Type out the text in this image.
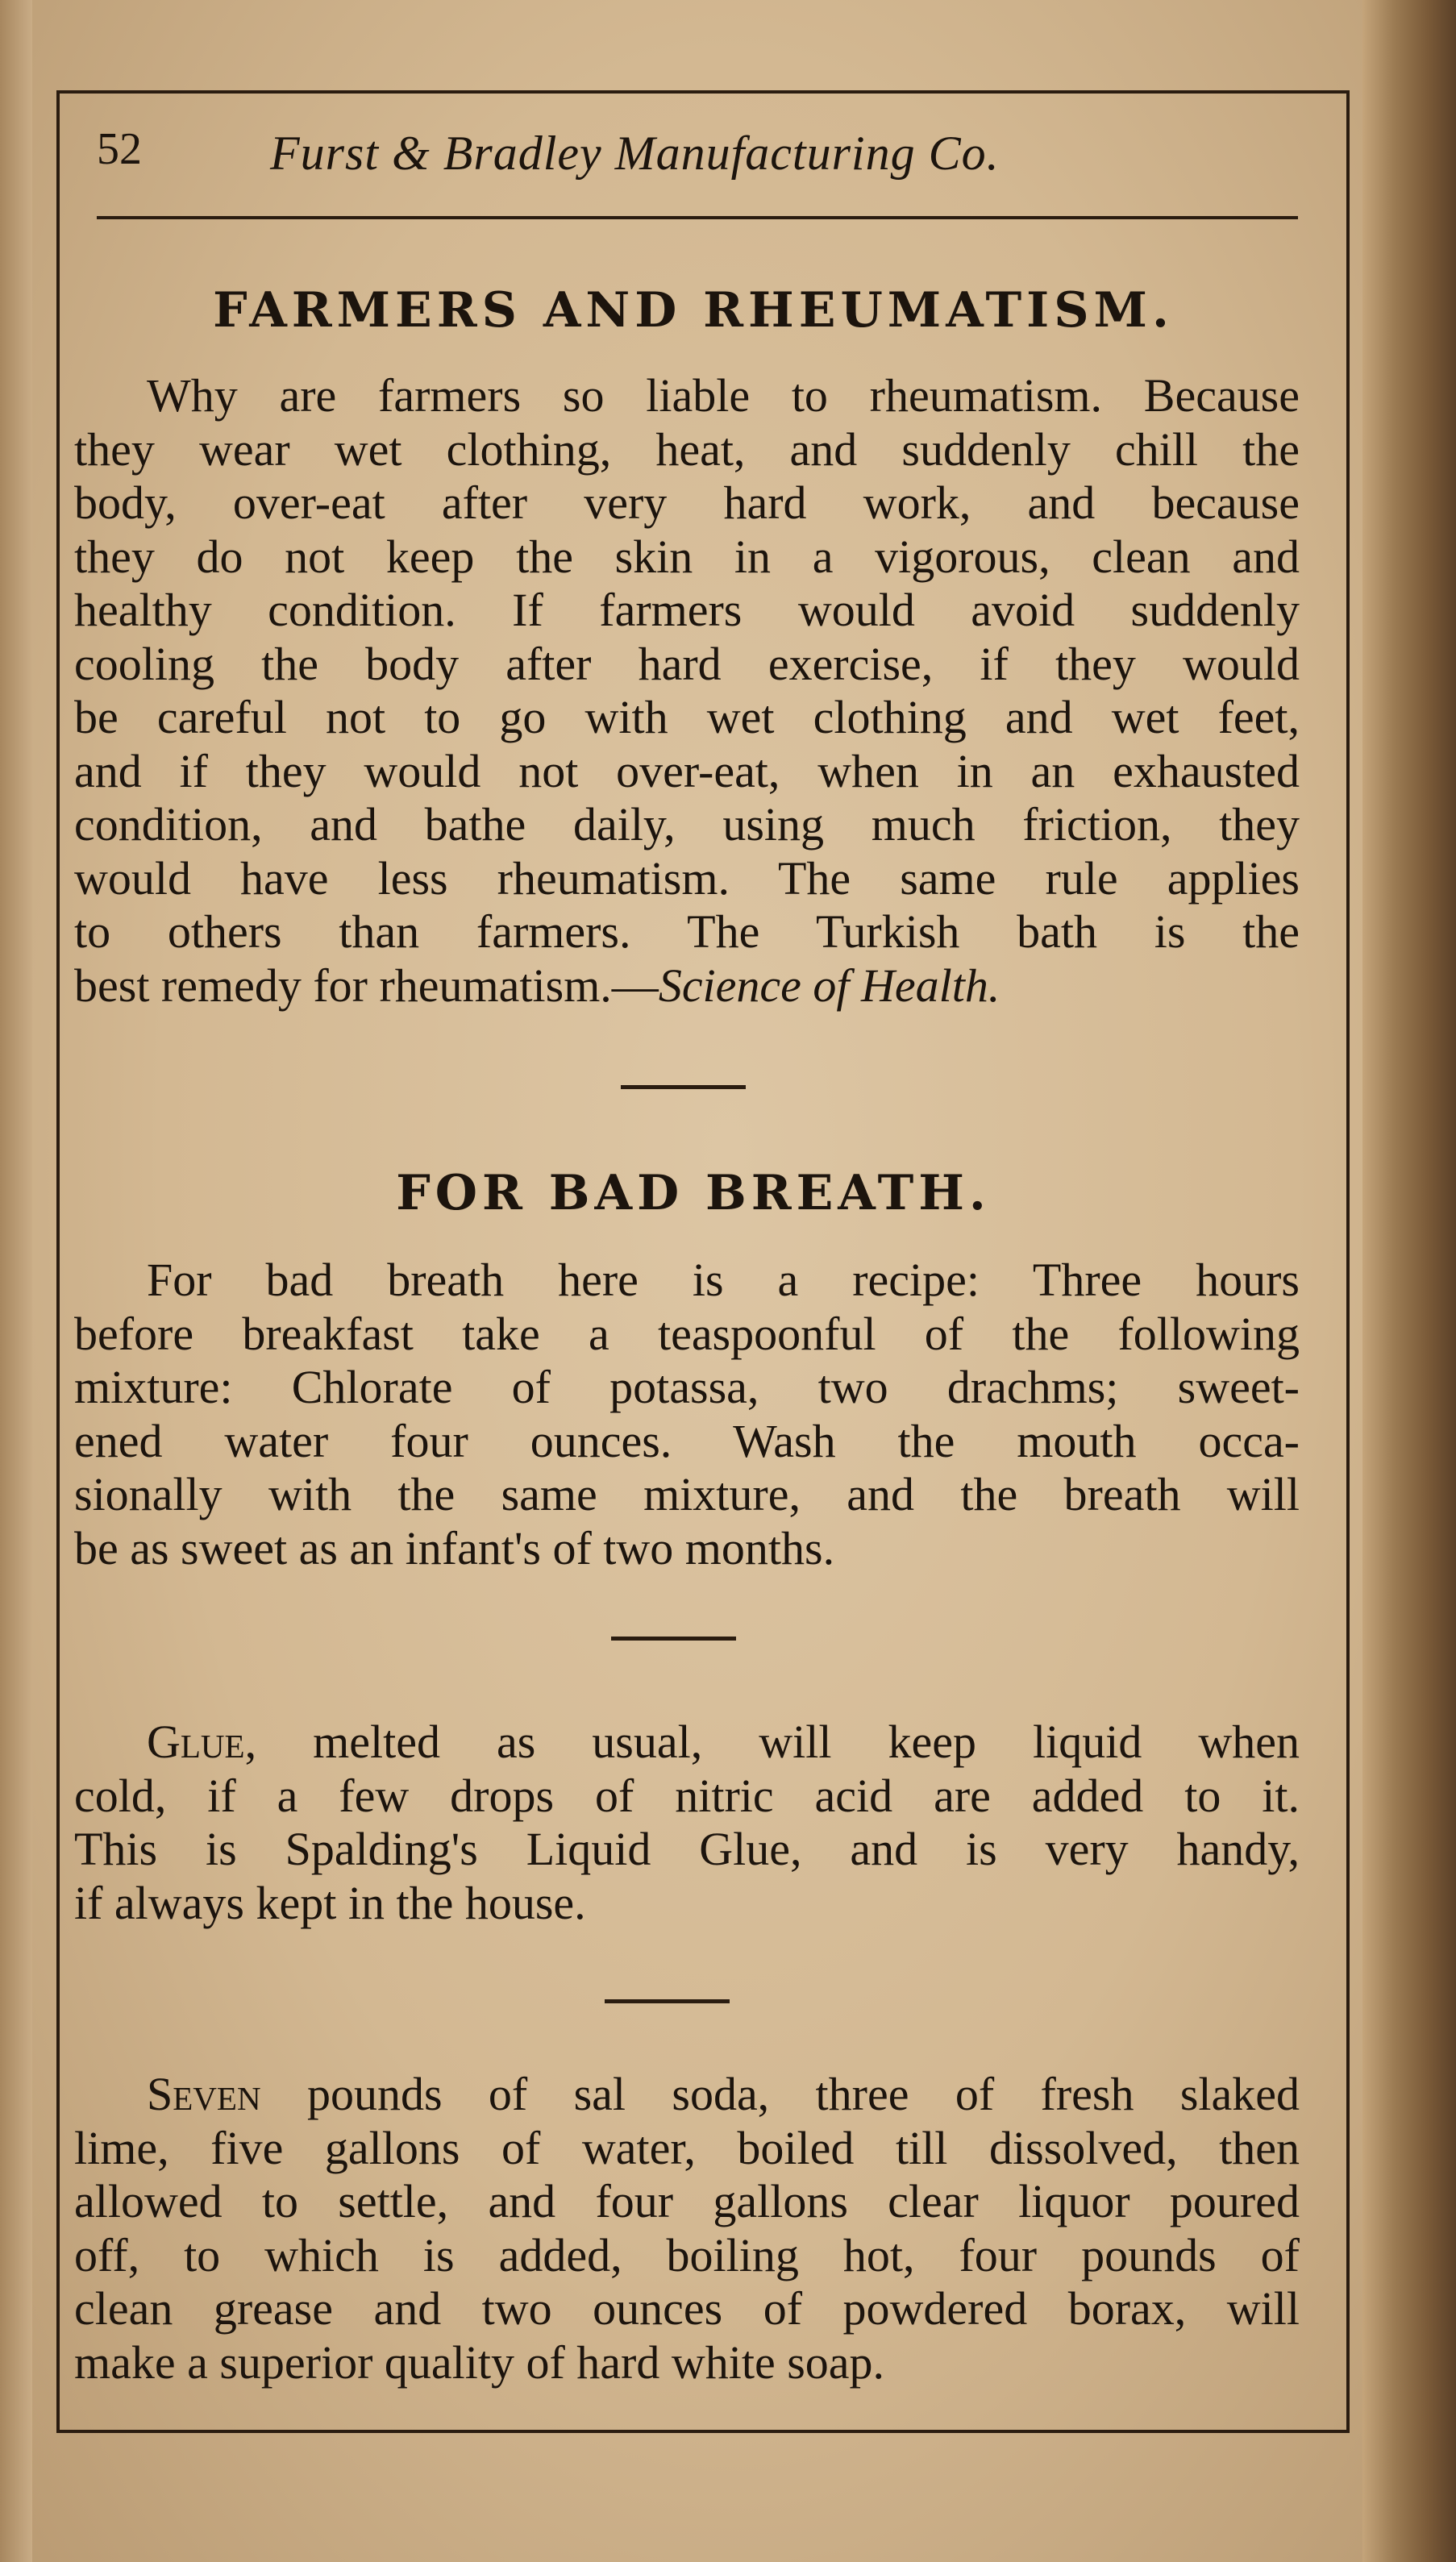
52	Furst & Bradley Manufacturing Co.
FARMERS AND RHEUMATISM.
Why are farmers so liable to rheumatism. Because
they wear wet clothing, heat, and suddenly chill the
body, over-eat after very hard work, and because
they do not keep the skin in a vigorous, clean and
healthy condition. If farmers would avoid suddenly
cooling the body after hard exercise, if they would
be careful not to go with wet clothing and wet feet,
and if they would not over-eat, when in an exhausted
condition, and bathe daily, using much friction, they
would have less rheumatism. The same rule applies
to others than farmers. The Turkish bath is the
best remedy for rheumatism.—Science of Health.
FOR BAD BREATH.
For bad breath here is a recipe: Three hours
before breakfast take a teaspoonful of the following
mixture: Chlorate of potassa, two drachms; sweet-
ened water four ounces. Wash the mouth occa-
sionally with the same mixture, and the breath will
be as sweet as an infant's of two months.
Glue, melted as usual, will keep liquid when
cold, if a few drops of nitric acid are added to it.
This is Spalding's Liquid Glue, and is very handy,
if always kept in the house.
Seven pounds of sal soda, three of fresh slaked
lime, five gallons of water, boiled till dissolved, then
allowed to settle, and four gallons clear liquor poured
off, to which is added, boiling hot, four pounds of
clean grease and two ounces of powdered borax, will
make a superior quality of hard white soap.
